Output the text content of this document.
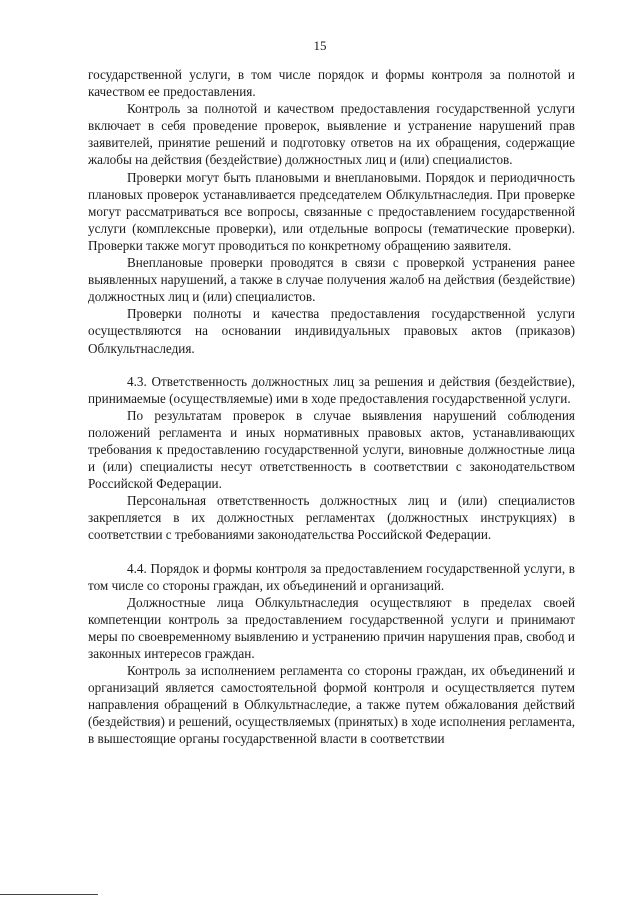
15

государственной услуги, в том числе порядок и формы контроля за полнотой и качеством ее предоставления.

Контроль за полнотой и качеством предоставления государственной услуги включает в себя проведение проверок, выявление и устранение нарушений прав заявителей, принятие решений и подготовку ответов на их обращения, содержащие жалобы на действия (бездействие) должностных лиц и (или) специалистов.

Проверки могут быть плановыми и внеплановыми. Порядок и периодичность плановых проверок устанавливается председателем Облкультнаследия. При проверке могут рассматриваться все вопросы, связанные с предоставлением государственной услуги (комплексные проверки), или отдельные вопросы (тематические проверки). Проверки также могут проводиться по конкретному обращению заявителя.

Внеплановые проверки проводятся в связи с проверкой устранения ранее выявленных нарушений, а также в случае получения жалоб на действия (бездействие) должностных лиц и (или) специалистов.

Проверки полноты и качества предоставления государственной услуги осуществляются на основании индивидуальных правовых актов (приказов) Облкультнаследия.

4.3. Ответственность должностных лиц за решения и действия (бездействие), принимаемые (осуществляемые) ими в ходе предоставления государственной услуги.

По результатам проверок в случае выявления нарушений соблюдения положений регламента и иных нормативных правовых актов, устанавливающих требования к предоставлению государственной услуги, виновные должностные лица и (или) специалисты несут ответственность в соответствии с законодательством Российской Федерации.

Персональная ответственность должностных лиц и (или) специалистов закрепляется в их должностных регламентах (должностных инструкциях) в соответствии с требованиями законодательства Российской Федерации.

4.4. Порядок и формы контроля за предоставлением государственной услуги, в том числе со стороны граждан, их объединений и организаций.

Должностные лица Облкультнаследия осуществляют в пределах своей компетенции контроль за предоставлением государственной услуги и принимают меры по своевременному выявлению и устранению причин нарушения прав, свобод и законных интересов граждан.

Контроль за исполнением регламента со стороны граждан, их объединений и организаций является самостоятельной формой контроля и осуществляется путем направления обращений в Облкультнаследие, а также путем обжалования действий (бездействия) и решений, осуществляемых (принятых) в ходе исполнения регламента, в вышестоящие органы государственной власти в соответствии
